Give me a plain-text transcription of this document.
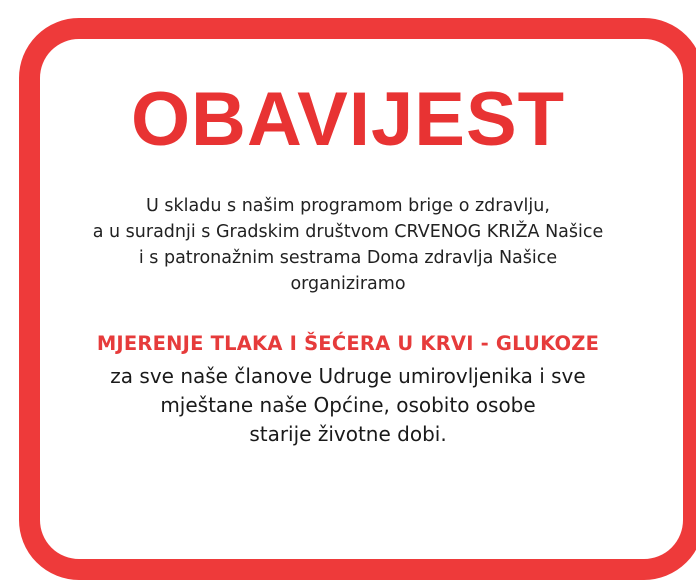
OBAVIJEST

U skladu s našim programom brige o zdravlju,
a u suradnji s Gradskim društvom CRVENOG KRIŽA Našice
i s patronažnim sestrama Doma zdravlja Našice
organiziramo

MJERENJE TLAKA I ŠEĆERA U KRVI - GLUKOZE

za sve naše članove Udruge umirovljenika i sve
mještane naše Općine, osobito osobe
starije životne dobi.
